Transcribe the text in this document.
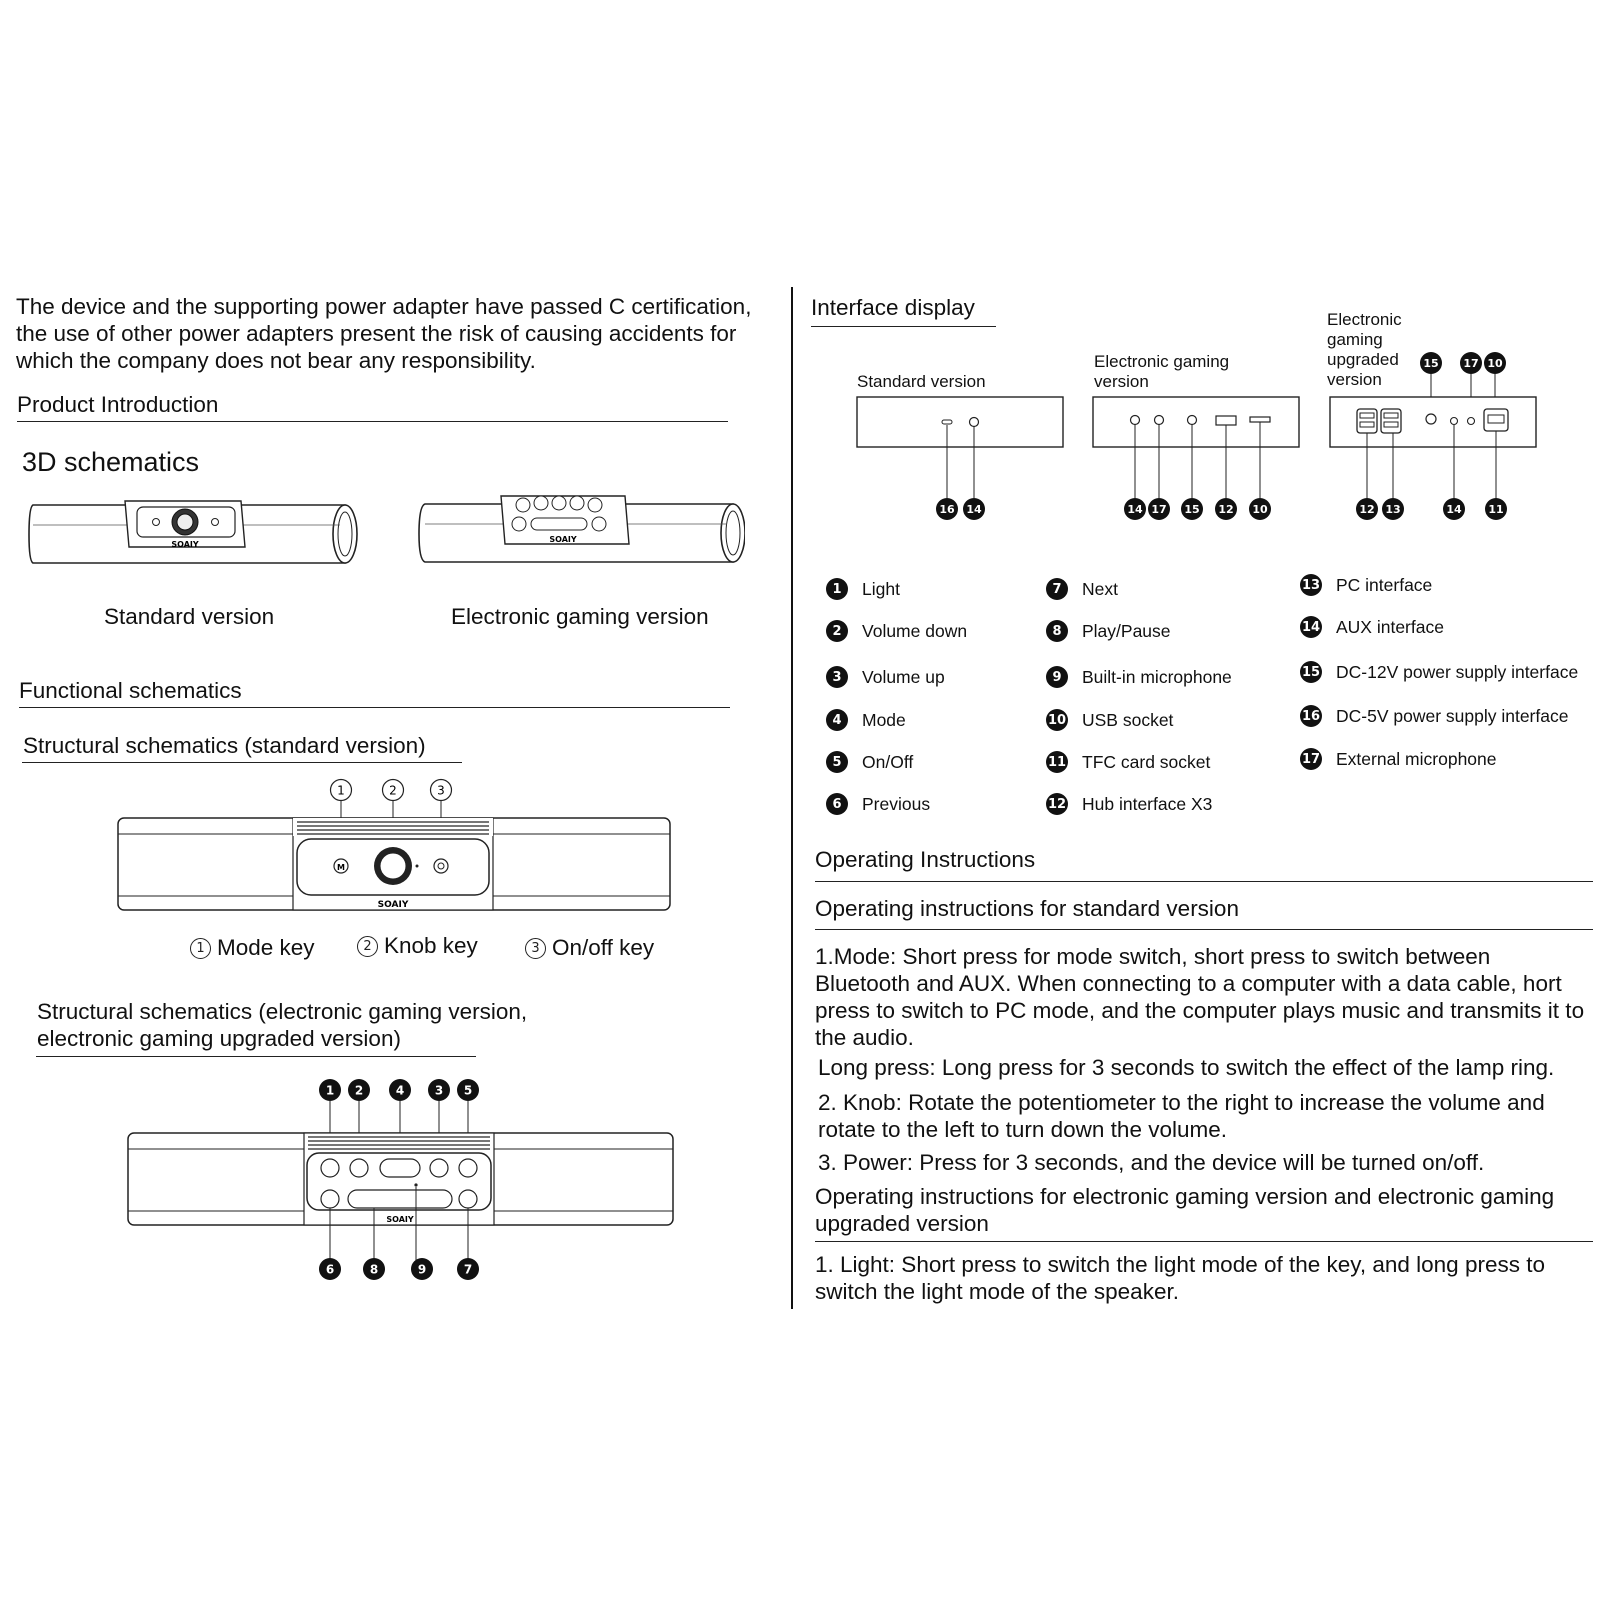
The device and the supporting power adapter have passed C certification, the use of other power adapters present the risk of causing accidents for which the company does not bear any responsibility.
Product Introduction
3D schematics
SOAIY
Standard version
SOAIY
Electronic gaming version
Functional schematics
Structural schematics (standard version)
1	2	3
M
SOAIY
1 Mode key	2 Knob key	3 On/off key
Structural schematics (electronic gaming version, electronic gaming upgraded version)
1 2	4	3 5
SOAIY
6	8	9	7
Interface display
Standard version
Electronic gaming version
Electronic gaming upgraded version
16 14	14 17 15 12 10
15 17 10
12 13	14 11
1	Light
2	Volume down
3	Volume up
4	Mode
5	On/Off
6	Previous
7	Next
8	Play/Pause
9	Built-in microphone
10 USB socket
11 TFC card socket
12 Hub interface X3
13 PC interface
14 AUX interface
15 DC-12V power supply interface
16 DC-5V power supply interface
17 External microphone
Operating Instructions
Operating instructions for standard version
1.Mode: Short press for mode switch, short press to switch between Bluetooth and AUX. When connecting to a computer with a data cable, hort press to switch to PC mode, and the computer plays music and transmits it to the audio.
Long press: Long press for 3 seconds to switch the effect of the lamp ring.
2. Knob: Rotate the potentiometer to the right to increase the volume and rotate to the left to turn down the volume.
3. Power: Press for 3 seconds, and the device will be turned on/off.
Operating instructions for electronic gaming version and electronic gaming upgraded version
1. Light: Short press to switch the light mode of the key, and long press to switch the light mode of the speaker.
